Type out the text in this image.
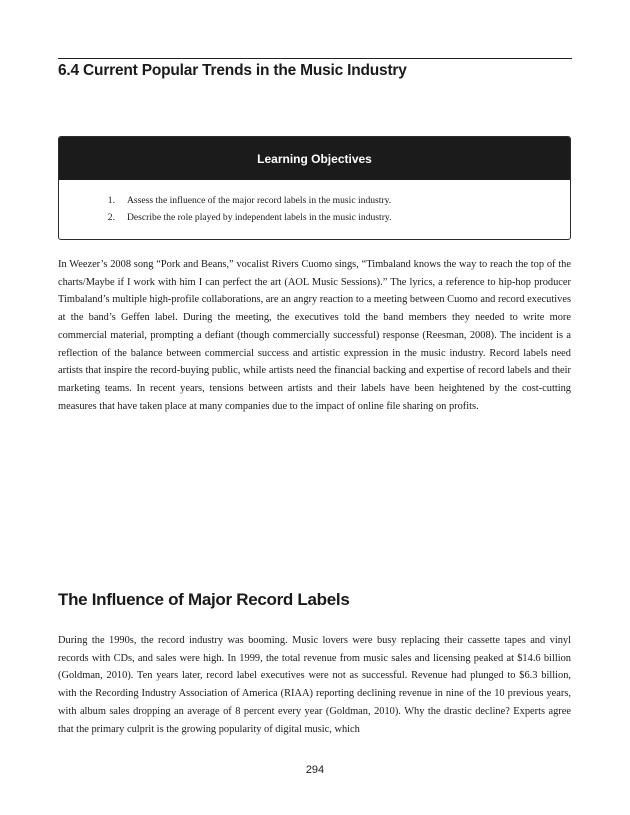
6.4 Current Popular Trends in the Music Industry
Learning Objectives
1.	Assess the influence of the major record labels in the music industry.
2.	Describe the role played by independent labels in the music industry.

In Weezer’s 2008 song “Pork and Beans,” vocalist Rivers Cuomo sings, “Timbaland knows the way to reach the top of the charts/Maybe if I work with him I can perfect the art (AOL Music Sessions).” The lyrics, a reference to hip-hop producer Timbaland’s multiple high-profile collaborations, are an angry reaction to a meeting between Cuomo and record executives at the band’s Geffen label. During the meeting, the executives told the band members they needed to write more commercial material, prompting a defiant (though commercially successful) response (Reesman, 2008). The incident is a reflection of the balance between commercial success and artistic expression in the music industry. Record labels need artists that inspire the record-buying public, while artists need the financial backing and expertise of record labels and their marketing teams. In recent years, tensions between artists and their labels have been heightened by the cost-cutting measures that have taken place at many companies due to the impact of online file sharing on profits.

The Influence of Major Record Labels

During the 1990s, the record industry was booming. Music lovers were busy replacing their cassette tapes and vinyl records with CDs, and sales were high. In 1999, the total revenue from music sales and licensing peaked at $14.6 billion (Goldman, 2010). Ten years later, record label executives were not as successful. Revenue had plunged to $6.3 billion, with the Recording Industry Association of America (RIAA) reporting declining revenue in nine of the 10 previous years, with album sales dropping an average of 8 percent every year (Goldman, 2010). Why the drastic decline? Experts agree that the primary culprit is the growing popularity of digital music, which

294
